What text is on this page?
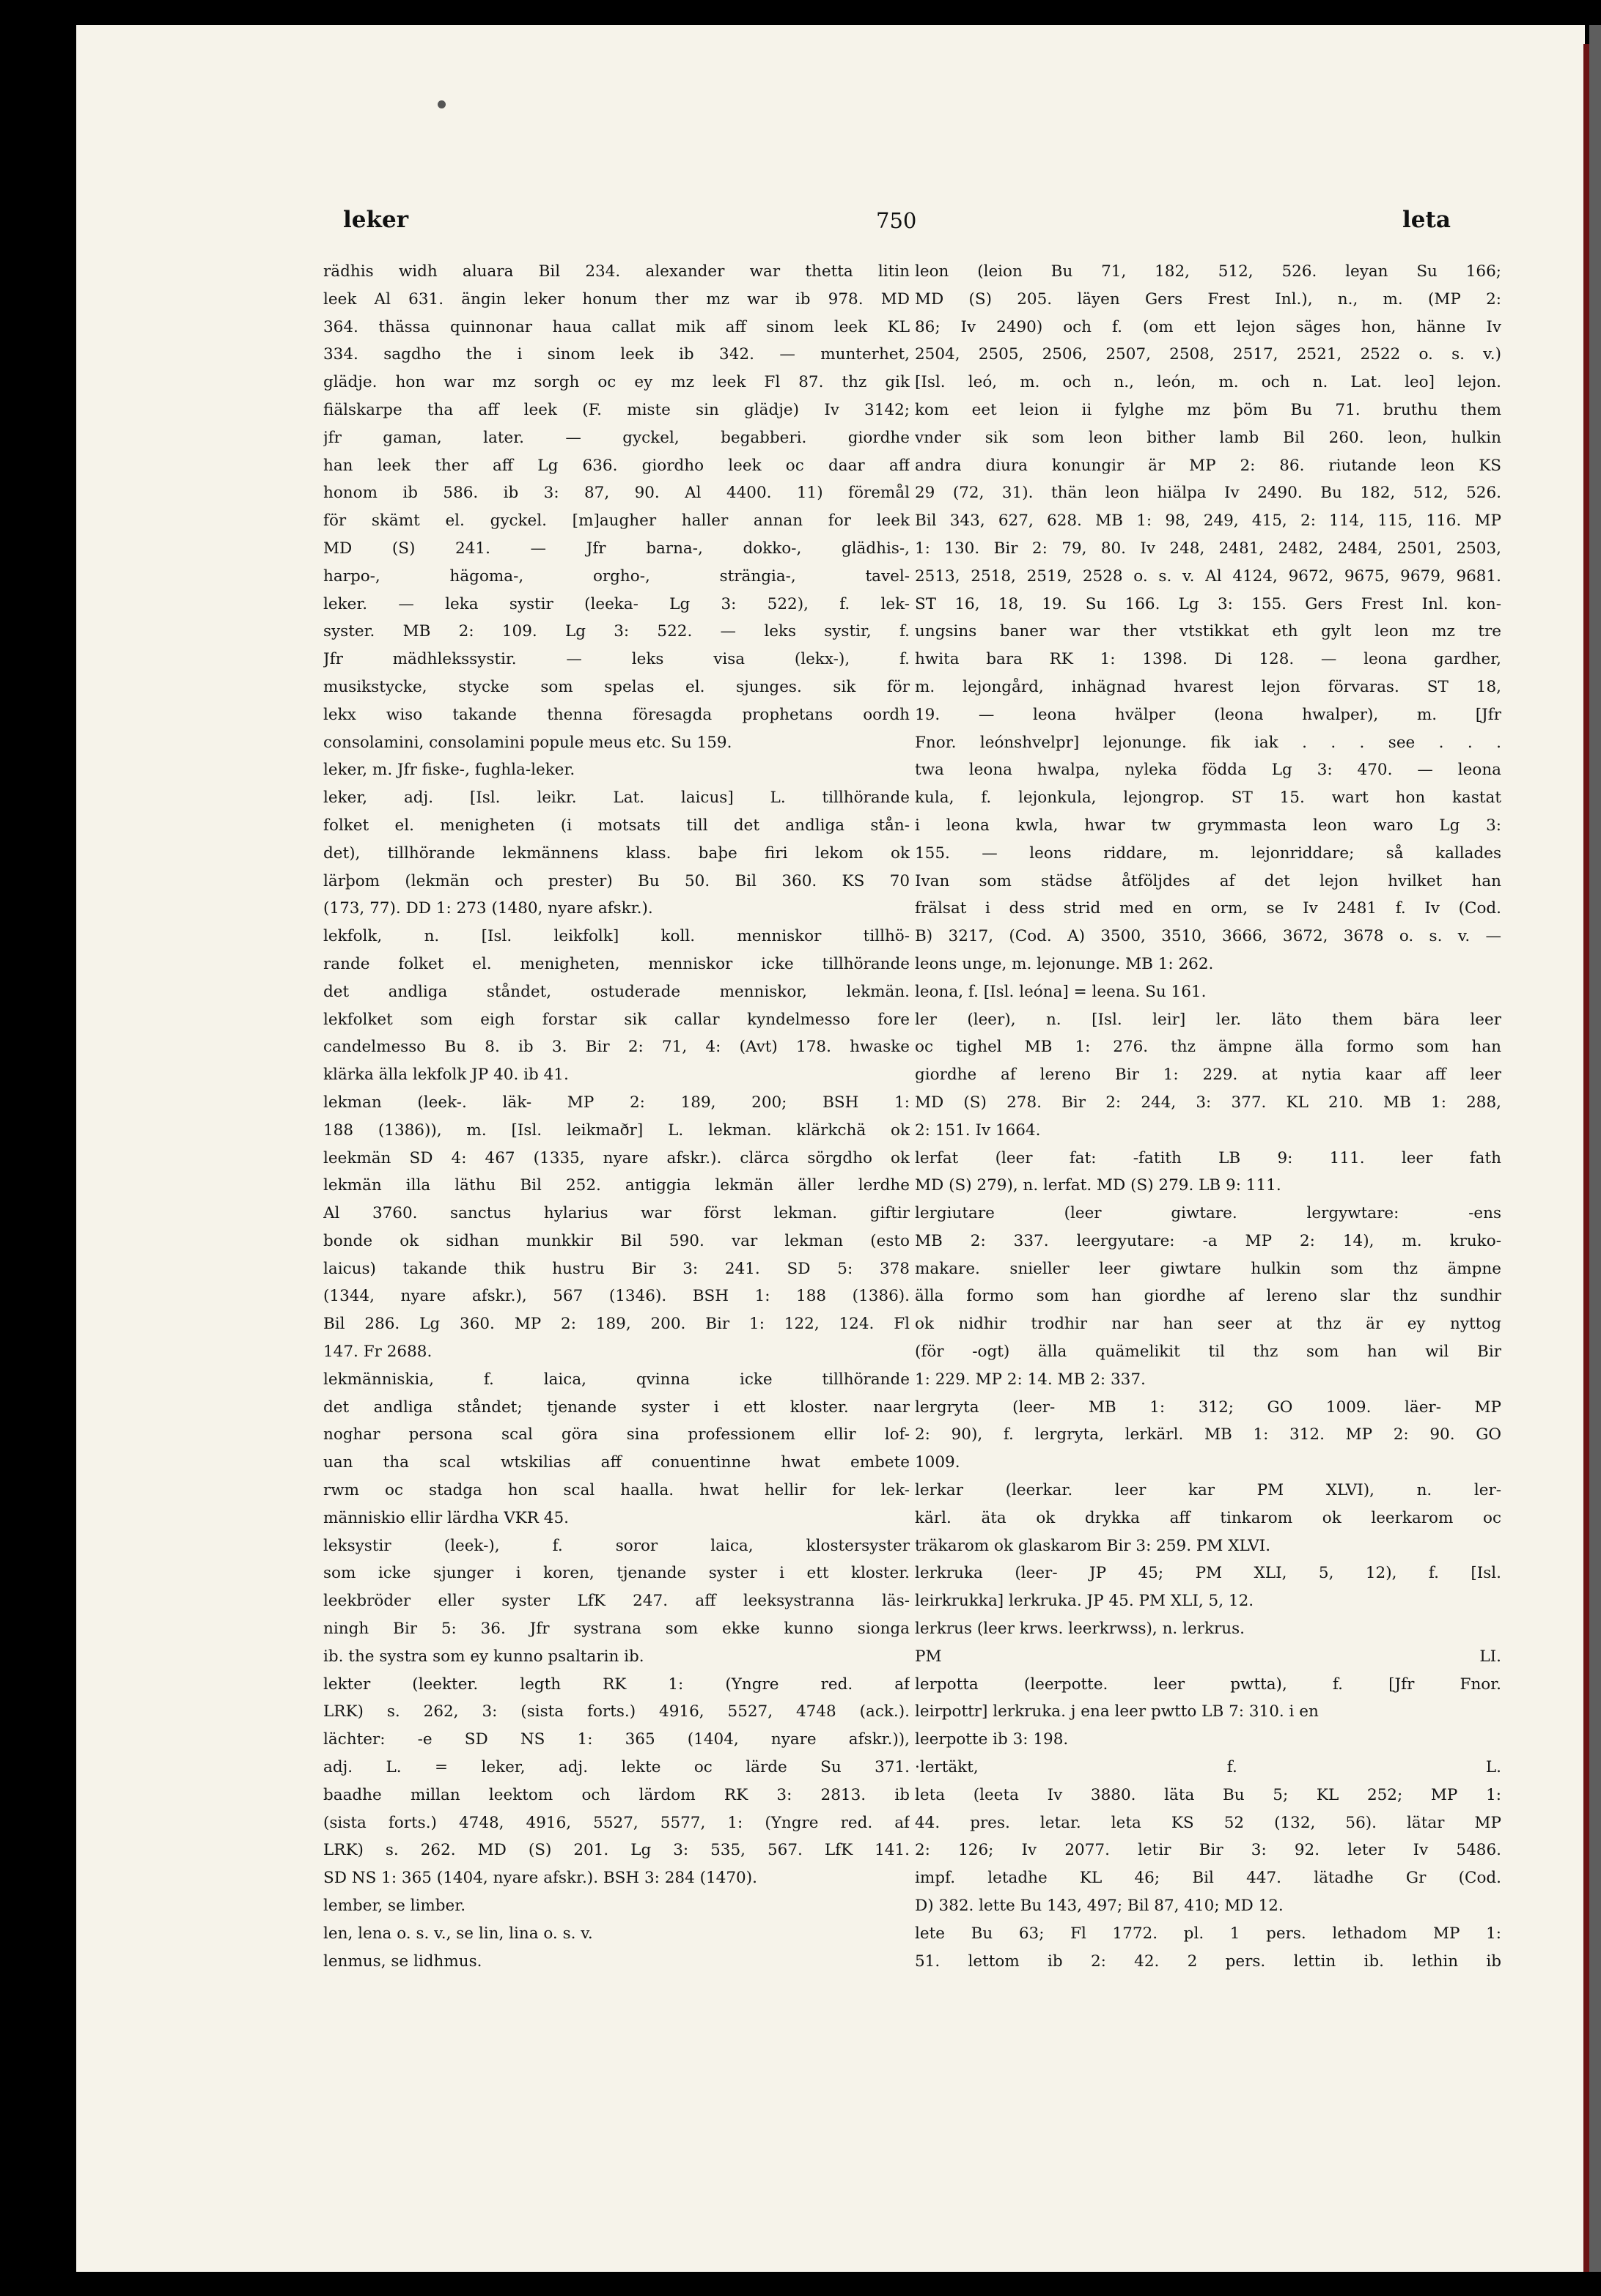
leker	750	leta
rädhis widh aluara Bil 234. alexander war thetta litin
leek Al 631. ängin leker honum ther mz war ib 978. MD
364. thässa quinnonar haua callat mik aff sinom leek KL
334. sagdho the i sinom leek ib 342. — munterhet,
glädje. hon war mz sorgh oc ey mz leek Fl 87. thz gik
fiälskarpe tha aff leek (F. miste sin glädje) Iv 3142;
jfr gaman, later. — gyckel, begabberi. giordhe
han leek ther aff Lg 636. giordho leek oc daar aff
honom ib 586. ib 3: 87, 90. Al 4400. 11) föremål
för skämt el. gyckel. [m]augher haller annan for leek
MD (S) 241. — Jfr barna-, dokko-, glädhis-,
harpo-, hägoma-, orgho-, strängia-, tavel-
leker. — leka systir (leeka- Lg 3: 522), f. lek-
syster. MB 2: 109. Lg 3: 522. — leks systir, f.
Jfr mädhlekssystir. — leks visa (lekx-), f.
musikstycke, stycke som spelas el. sjunges. sik för
lekx wiso takande thenna föresagda prophetans oordh
consolamini, consolamini popule meus etc. Su 159.
leker, m. Jfr fiske-, fughla-leker.
leker, adj. [Isl. leikr. Lat. laicus] L. tillhörande
folket el. menigheten (i motsats till det andliga stån-
det), tillhörande lekmännens klass. baþe firi lekom ok
lärþom (lekmän och prester) Bu 50. Bil 360. KS 70
(173, 77). DD 1: 273 (1480, nyare afskr.).
lekfolk, n. [Isl. leikfolk] koll. menniskor tillhö-
rande folket el. menigheten, menniskor icke tillhörande
det andliga ståndet, ostuderade menniskor, lekmän.
lekfolket som eigh forstar sik callar kyndelmesso fore
candelmesso Bu 8. ib 3. Bir 2: 71, 4: (Avt) 178. hwaske
klärka älla lekfolk JP 40. ib 41.
lekman (leek-. läk- MP 2: 189, 200; BSH 1:
188 (1386)), m. [Isl. leikmaðr] L. lekman. klärkchä ok
leekmän SD 4: 467 (1335, nyare afskr.). clärca sörgdho ok
lekmän illa läthu Bil 252. antiggia lekmän äller lerdhe
Al 3760. sanctus hylarius war först lekman. giftir
bonde ok sidhan munkkir Bil 590. var lekman (esto
laicus) takande thik hustru Bir 3: 241. SD 5: 378
(1344, nyare afskr.), 567 (1346). BSH 1: 188 (1386).
Bil 286. Lg 360. MP 2: 189, 200. Bir 1: 122, 124. Fl
147. Fr 2688.
lekmänniskia, f. laica, qvinna icke tillhörande
det andliga ståndet; tjenande syster i ett kloster. naar
noghar persona scal göra sina professionem ellir lof-
uan tha scal wtskilias aff conuentinne hwat embete
rwm oc stadga hon scal haalla. hwat hellir for lek-
människio ellir lärdha VKR 45.
leksystir (leek-), f. soror laica, klostersyster
som icke sjunger i koren, tjenande syster i ett kloster.
leekbröder eller syster LfK 247. aff leeksystranna läs-
ningh Bir 5: 36. Jfr systrana som ekke kunno sionga
ib. the systra som ey kunno psaltarin ib.
lekter (leekter. legth RK 1: (Yngre red. af
LRK) s. 262, 3: (sista forts.) 4916, 5527, 4748 (ack.).
lächter: -e SD NS 1: 365 (1404, nyare afskr.)),
adj. L. = leker, adj. lekte oc lärde Su 371.
baadhe millan leektom och lärdom RK 3: 2813. ib
(sista forts.) 4748, 4916, 5527, 5577, 1: (Yngre red. af
LRK) s. 262. MD (S) 201. Lg 3: 535, 567. LfK 141.
SD NS 1: 365 (1404, nyare afskr.). BSH 3: 284 (1470).
lember, se limber.
len, lena o. s. v., se lin, lina o. s. v.
lenmus, se lidhmus.
leon (leion Bu 71, 182, 512, 526. leyan Su 166;
MD (S) 205. läyen Gers Frest Inl.), n., m. (MP 2:
86; Iv 2490) och f. (om ett lejon säges hon, hänne Iv
2504, 2505, 2506, 2507, 2508, 2517, 2521, 2522 o. s. v.)
[Isl. leó, m. och n., león, m. och n. Lat. leo] lejon.
kom eet leion ii fylghe mz þöm Bu 71. bruthu them
vnder sik som leon bither lamb Bil 260. leon, hulkin
andra diura konungir är MP 2: 86. riutande leon KS
29 (72, 31). thän leon hiälpa Iv 2490. Bu 182, 512, 526.
Bil 343, 627, 628. MB 1: 98, 249, 415, 2: 114, 115, 116. MP
1: 130. Bir 2: 79, 80. Iv 248, 2481, 2482, 2484, 2501, 2503,
2513, 2518, 2519, 2528 o. s. v. Al 4124, 9672, 9675, 9679, 9681.
ST 16, 18, 19. Su 166. Lg 3: 155. Gers Frest Inl. kon-
ungsins baner war ther vtstikkat eth gylt leon mz tre
hwita bara RK 1: 1398. Di 128. — leona gardher,
m. lejongård, inhägnad hvarest lejon förvaras. ST 18,
19. — leona hvälper (leona hwalper), m. [Jfr
Fnor. leónshvelpr] lejonunge. fik iak . . . see . . .
twa leona hwalpa, nyleka födda Lg 3: 470. — leona
kula, f. lejonkula, lejongrop. ST 15. wart hon kastat
i leona kwla, hwar tw grymmasta leon waro Lg 3:
155. — leons riddare, m. lejonriddare; så kallades
Ivan som städse åtföljdes af det lejon hvilket han
frälsat i dess strid med en orm, se Iv 2481 f. Iv (Cod.
B) 3217, (Cod. A) 3500, 3510, 3666, 3672, 3678 o. s. v. —
leons unge, m. lejonunge. MB 1: 262.
leona, f. [Isl. leóna] = leena. Su 161.
ler (leer), n. [Isl. leir] ler. läto them bära leer
oc tighel MB 1: 276. thz ämpne älla formo som han
giordhe af lereno Bir 1: 229. at nytia kaar aff leer
MD (S) 278. Bir 2: 244, 3: 377. KL 210. MB 1: 288,
2: 151. Iv 1664.
lerfat (leer fat: -fatith LB 9: 111. leer fath
MD (S) 279), n. lerfat. MD (S) 279. LB 9: 111.
lergiutare (leer giwtare. lergywtare: -ens
MB 2: 337. leergyutare: -a MP 2: 14), m. kruko-
makare. snieller leer giwtare hulkin som thz ämpne
älla formo som han giordhe af lereno slar thz sundhir
ok nidhir trodhir nar han seer at thz är ey nyttog
(för -ogt) älla quämelikit til thz som han wil Bir
1: 229. MP 2: 14. MB 2: 337.
lergryta (leer- MB 1: 312; GO 1009. läer- MP
2: 90), f. lergryta, lerkärl. MB 1: 312. MP 2: 90. GO
1009.
lerkar (leerkar. leer kar PM XLVI), n. ler-
kärl. äta ok drykka aff tinkarom ok leerkarom oc
träkarom ok glaskarom Bir 3: 259. PM XLVI.
lerkruka (leer- JP 45; PM XLI, 5, 12), f. [Isl.
leirkrukka] lerkruka. JP 45. PM XLI, 5, 12.
lerkrus (leer krws. leerkrwss), n. lerkrus.
PM LI.
lerpotta (leerpotte. leer pwtta), f. [Jfr Fnor.
leirpottr] lerkruka. j ena leer pwtto LB 7: 310. i en
leerpotte ib 3: 198.
·lertäkt, f. L.
leta (leeta Iv 3880. läta Bu 5; KL 252; MP 1:
44. pres. letar. leta KS 52 (132, 56). lätar MP
2: 126; Iv 2077. letir Bir 3: 92. leter Iv 5486.
impf. letadhe KL 46; Bil 447. lätadhe Gr (Cod.
D) 382. lette Bu 143, 497; Bil 87, 410; MD 12.
lete Bu 63; Fl 1772. pl. 1 pers. lethadom MP 1:
51. lettom ib 2: 42. 2 pers. lettin ib. lethin ib
